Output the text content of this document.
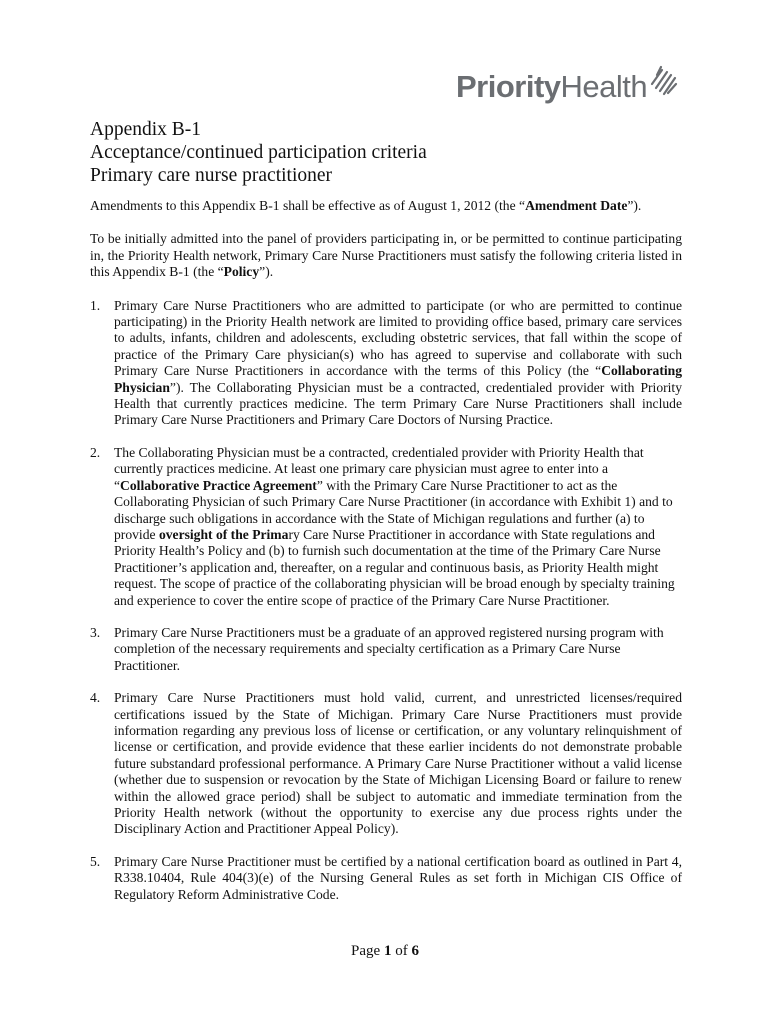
Priority Health
Appendix B-1
Acceptance/continued participation criteria
Primary care nurse practitioner

Amendments to this Appendix B-1 shall be effective as of August 1, 2012 (the “Amendment Date”).

To be initially admitted into the panel of providers participating in, or be permitted to continue participating in, the Priority Health network, Primary Care Nurse Practitioners must satisfy the following criteria listed in this Appendix B-1 (the “Policy”).

1. Primary Care Nurse Practitioners who are admitted to participate (or who are permitted to continue participating) in the Priority Health network are limited to providing office based, primary care services to adults, infants, children and adolescents, excluding obstetric services, that fall within the scope of practice of the Primary Care physician(s) who has agreed to supervise and collaborate with such Primary Care Nurse Practitioners in accordance with the terms of this Policy (the “Collaborating Physician”). The Collaborating Physician must be a contracted, credentialed provider with Priority Health that currently practices medicine. The term Primary Care Nurse Practitioners shall include Primary Care Nurse Practitioners and Primary Care Doctors of Nursing Practice.
2. The Collaborating Physician must be a contracted, credentialed provider with Priority Health that currently practices medicine. At least one primary care physician must agree to enter into a “Collaborative Practice Agreement” with the Primary Care Nurse Practitioner to act as the Collaborating Physician of such Primary Care Nurse Practitioner (in accordance with Exhibit 1) and to discharge such obligations in accordance with the State of Michigan regulations and further (a) to provide oversight of the Primary Care Nurse Practitioner in accordance with State regulations and Priority Health’s Policy and (b) to furnish such documentation at the time of the Primary Care Nurse Practitioner’s application and, thereafter, on a regular and continuous basis, as Priority Health might request. The scope of practice of the collaborating physician will be broad enough by specialty training and experience to cover the entire scope of practice of the Primary Care Nurse Practitioner.
3. Primary Care Nurse Practitioners must be a graduate of an approved registered nursing program with completion of the necessary requirements and specialty certification as a Primary Care Nurse Practitioner.
4. Primary Care Nurse Practitioners must hold valid, current, and unrestricted licenses/required certifications issued by the State of Michigan. Primary Care Nurse Practitioners must provide information regarding any previous loss of license or certification, or any voluntary relinquishment of license or certification, and provide evidence that these earlier incidents do not demonstrate probable future substandard professional performance. A Primary Care Nurse Practitioner without a valid license (whether due to suspension or revocation by the State of Michigan Licensing Board or failure to renew within the allowed grace period) shall be subject to automatic and immediate termination from the Priority Health network (without the opportunity to exercise any due process rights under the Disciplinary Action and Practitioner Appeal Policy).
5. Primary Care Nurse Practitioner must be certified by a national certification board as outlined in Part 4, R338.10404, Rule 404(3)(e) of the Nursing General Rules as set forth in Michigan CIS Office of Regulatory Reform Administrative Code.
Page 1 of 6
